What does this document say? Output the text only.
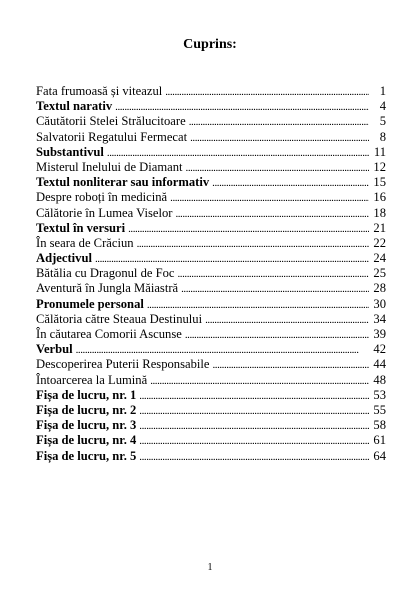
Cuprins:
Fata frumoasă și viteazul . . .	1
Textul narativ . . .	4
Căutătorii Stelei Strălucitoare . . .	5
Salvatorii Regatului Fermecat . . .	8
Substantivul . . .	11
Misterul Inelului de Diamant . . .	12
Textul nonliterar sau informativ . . .	15
Despre roboți în medicină . . .	16
Călătorie în Lumea Viselor . . .	18
Textul în versuri . . .	21
În seara de Crăciun . . .	22
Adjectivul . . .	24
Bătălia cu Dragonul de Foc . . .	25
Aventură în Jungla Măiastră . . .	28
Pronumele personal . . .	30
Călătoria către Steaua Destinului . . .	34
În căutarea Comorii Ascunse . . .	39
Verbul . . .	42
Descoperirea Puterii Responsabile . . .	44
Întoarcerea la Lumină . . .	48
Fișa de lucru, nr. 1 . . .	53
Fișa de lucru, nr. 2 . . .	55
Fișa de lucru, nr. 3 . . .	58
Fișa de lucru, nr. 4 . . .	61
Fișa de lucru, nr. 5 . . .	64
1
